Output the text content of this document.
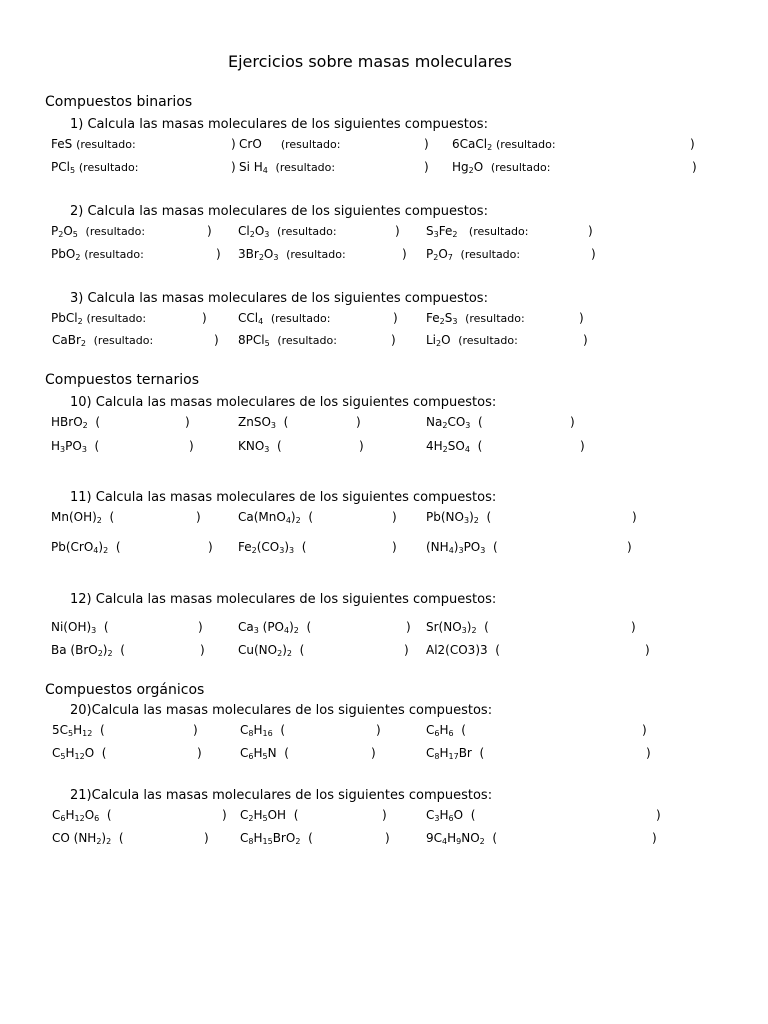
Ejercicios sobre masas moleculares
Compuestos binarios
1) Calcula las masas moleculares de los siguientes compuestos:
FeS (resultado:	) CrO (resultado:	) 6CaCl$_2$ (resultado:	)
PCl$_5$ (resultado:	) Si $H_4$ (resultado:	) $Hg_2O$ (resultado:	)
2) Calcula las masas moleculares de los siguientes compuestos:
$P_2O_5$ (resultado:	) $Cl_2O_3$ (resultado:	) $S_3Fe_2$ (resultado:	)
PbO$_2$ (resultado:	) $3Br_2O_3$ (resultado:	) $P_2O_7$ (resultado:	)
3) Calcula las masas moleculares de los siguientes compuestos:
PbCl$_2$ (resultado:	)	CCl$_4$ (resultado:	) $Fe_2S_3$ (resultado:	)
CaBr$_2$ (resultado:	) 8PCl$_5$ (resultado:	)	$Li_2O$ (resultado:	)
Compuestos ternarios
10) Calcula las masas moleculares de los siguientes compuestos:
HBrO$_2$ (	)	ZnSO$_3$ (	)	$Na_2CO_3$ (	)
$H_3PO_3$ (	)	$KNO_3$ (	)	$4H_2SO_4$ (	)
11) Calcula las masas moleculares de los siguientes compuestos:
$Mn(OH)_2$ (	)	$Ca(MnO_4)_2$ (	) $Pb(NO_3)_2$ (	)
$Pb(CrO_4)_2$ (	) $Fe_2(CO_3)_3$ (	) $(NH_4)_3PO_3$ (	)
12) Calcula las masas moleculares de los siguientes compuestos:
$Ni(OH)_3$ (	)	$Ca_3$ $(PO_4)_2$ (	) $Sr(NO_3)_2$ (	)
Ba $(BrO_2)_2$ (	)	$Cu(NO_2)_2$ (	) Al2(CO3)3 (	)
Compuestos orgánicos
20)Calcula las masas moleculares de los siguientes compuestos:
$5C_5H_{12}$ (	)	$C_8H_{16}$ (	)	$C_6H_6$ (	)
$C_5H_{12}O$ (	)	$C_6H_5N$ (	)	$C_8H_{17}Br$ (	)
21)Calcula las masas moleculares de los siguientes compuestos:
$C_6H_{12}O_6$ (	) $C_2H_5OH$ (	)	$C_3H_6O$ (	)
CO $(NH_2)_2$ (	)	$C_8H_{15}BrO_2$ (	)	$9C_4H_9NO_2$ (	)
